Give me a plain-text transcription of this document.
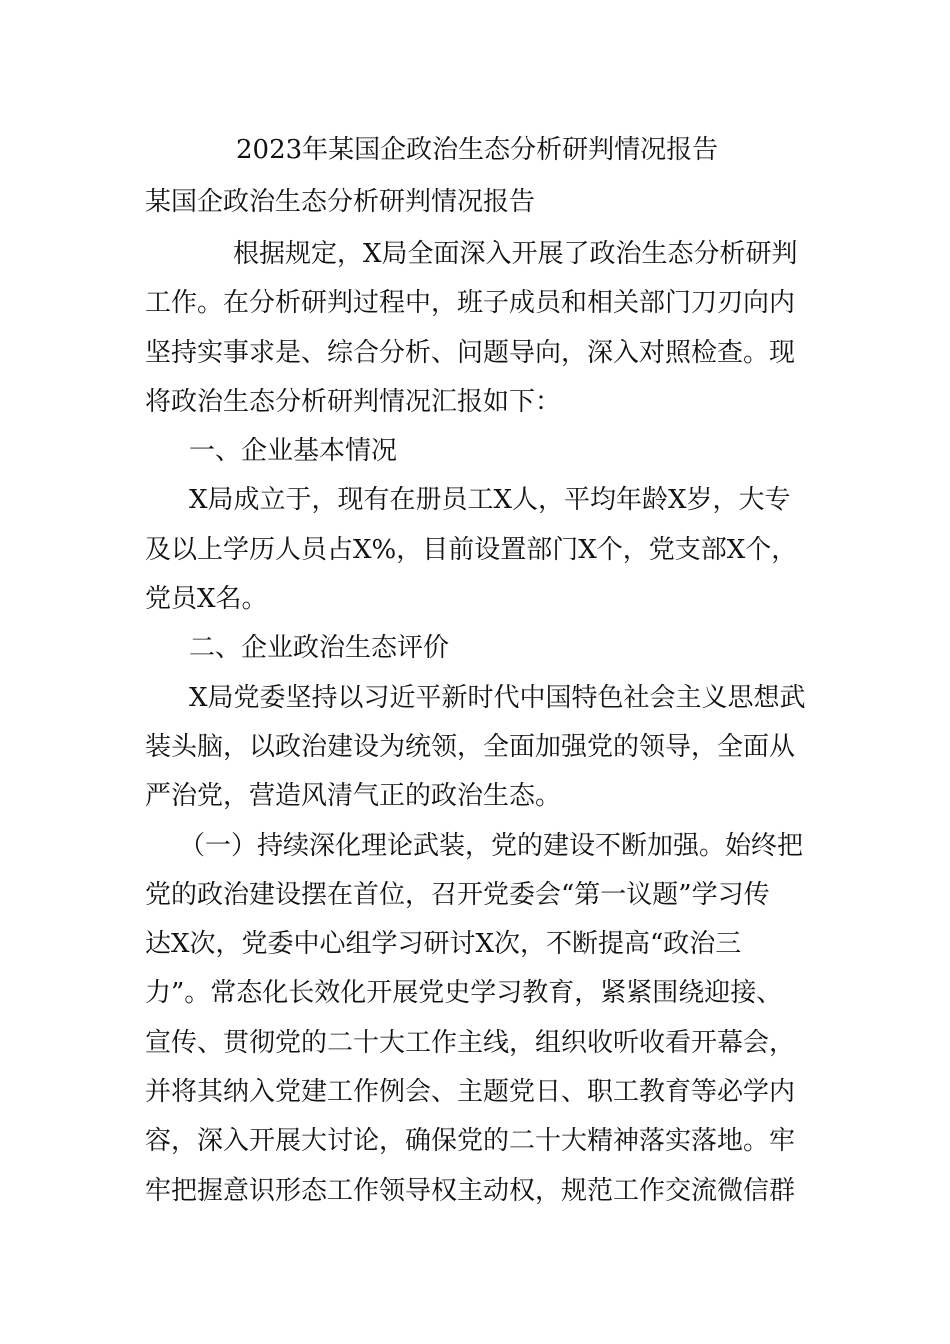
2023年某国企政治生态分析研判情况报告
某国企政治生态分析研判情况报告
根据规定，X局全面深入开展了政治生态分析研判
工作。在分析研判过程中，班子成员和相关部门刀刃向内
坚持实事求是、综合分析、问题导向，深入对照检查。现
将政治生态分析研判情况汇报如下：
一、企业基本情况
X局成立于，现有在册员工X人，平均年龄X岁，大专
及以上学历人员占X%，目前设置部门X个，党支部X个，
党员X名。
二、企业政治生态评价
X局党委坚持以习近平新时代中国特色社会主义思想武
装头脑，以政治建设为统领，全面加强党的领导，全面从
严治党，营造风清气正的政治生态。
（一）持续深化理论武装，党的建设不断加强。始终把
党的政治建设摆在首位，召开党委会“第一议题”学习传
达X次，党委中心组学习研讨X次，不断提高“政治三
力”。常态化长效化开展党史学习教育，紧紧围绕迎接、
宣传、贯彻党的二十大工作主线，组织收听收看开幕会，
并将其纳入党建工作例会、主题党日、职工教育等必学内
容，深入开展大讨论，确保党的二十大精神落实落地。牢
牢把握意识形态工作领导权主动权，规范工作交流微信群
